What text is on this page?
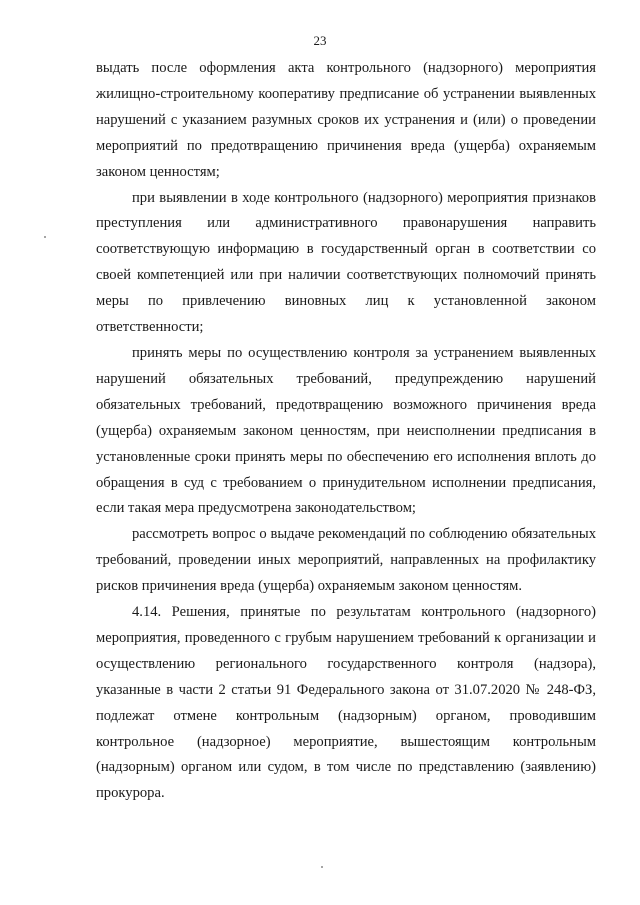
23

выдать после оформления акта контрольного (надзорного) мероприятия жилищно-строительному кооперативу предписание об устранении выявленных нарушений с указанием разумных сроков их устранения и (или) о проведении мероприятий по предотвращению причинения вреда (ущерба) охраняемым законом ценностям;

при выявлении в ходе контрольного (надзорного) мероприятия признаков преступления или административного правонарушения направить соответствующую информацию в государственный орган в соответствии со своей компетенцией или при наличии соответствующих полномочий принять меры по привлечению виновных лиц к установленной законом ответственности;

принять меры по осуществлению контроля за устранением выявленных нарушений обязательных требований, предупреждению нарушений обязательных требований, предотвращению возможного причинения вреда (ущерба) охраняемым законом ценностям, при неисполнении предписания в установленные сроки принять меры по обеспечению его исполнения вплоть до обращения в суд с требованием о принудительном исполнении предписания, если такая мера предусмотрена законодательством;

рассмотреть вопрос о выдаче рекомендаций по соблюдению обязательных требований, проведении иных мероприятий, направленных на профилактику рисков причинения вреда (ущерба) охраняемым законом ценностям.

4.14. Решения, принятые по результатам контрольного (надзорного) мероприятия, проведенного с грубым нарушением требований к организации и осуществлению регионального государственного контроля (надзора), указанные в части 2 статьи 91 Федерального закона от 31.07.2020 № 248-ФЗ, подлежат отмене контрольным (надзорным) органом, проводившим контрольное (надзорное) мероприятие, вышестоящим контрольным (надзорным) органом или судом, в том числе по представлению (заявлению) прокурора.
